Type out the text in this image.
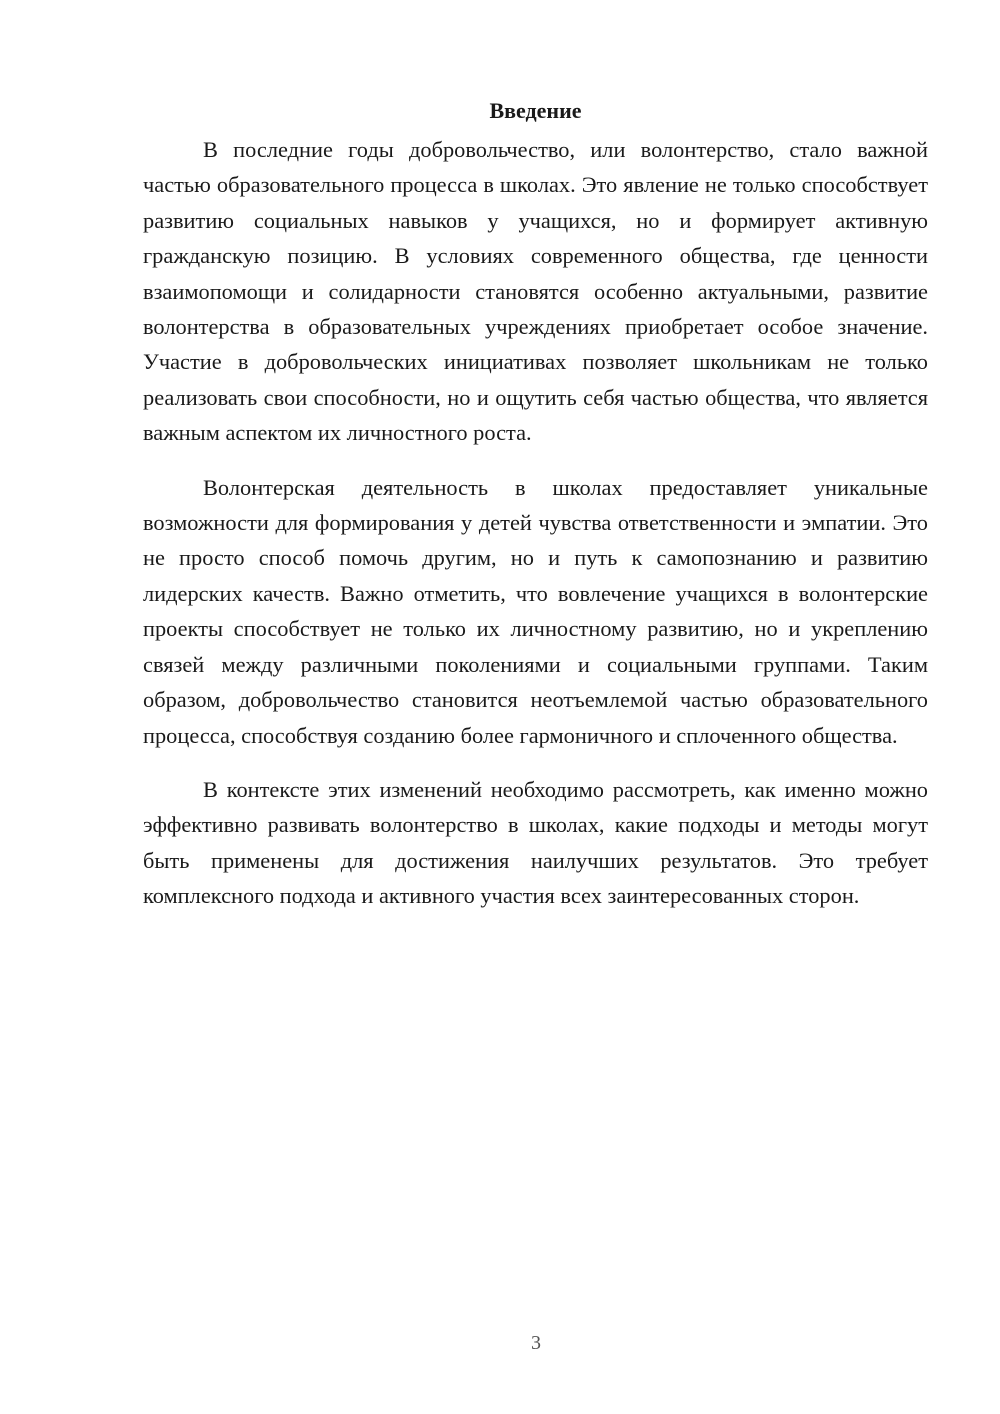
Введение

В последние годы добровольчество, или волонтерство, стало важной частью образовательного процесса в школах. Это явление не только способствует развитию социальных навыков у учащихся, но и формирует активную гражданскую позицию. В условиях современного общества, где ценности взаимопомощи и солидарности становятся особенно актуальными, развитие волонтерства в образовательных учреждениях приобретает особое значение. Участие в добровольческих инициативах позволяет школьникам не только реализовать свои способности, но и ощутить себя частью общества, что является важным аспектом их личностного роста.

Волонтерская деятельность в школах предоставляет уникальные возможности для формирования у детей чувства ответственности и эмпатии. Это не просто способ помочь другим, но и путь к самопознанию и развитию лидерских качеств. Важно отметить, что вовлечение учащихся в волонтерские проекты способствует не только их личностному развитию, но и укреплению связей между различными поколениями и социальными группами. Таким образом, добровольчество становится неотъемлемой частью образовательного процесса, способствуя созданию более гармоничного и сплоченного общества.

В контексте этих изменений необходимо рассмотреть, как именно можно эффективно развивать волонтерство в школах, какие подходы и методы могут быть применены для достижения наилучших результатов. Это требует комплексного подхода и активного участия всех заинтересованных сторон.

3
